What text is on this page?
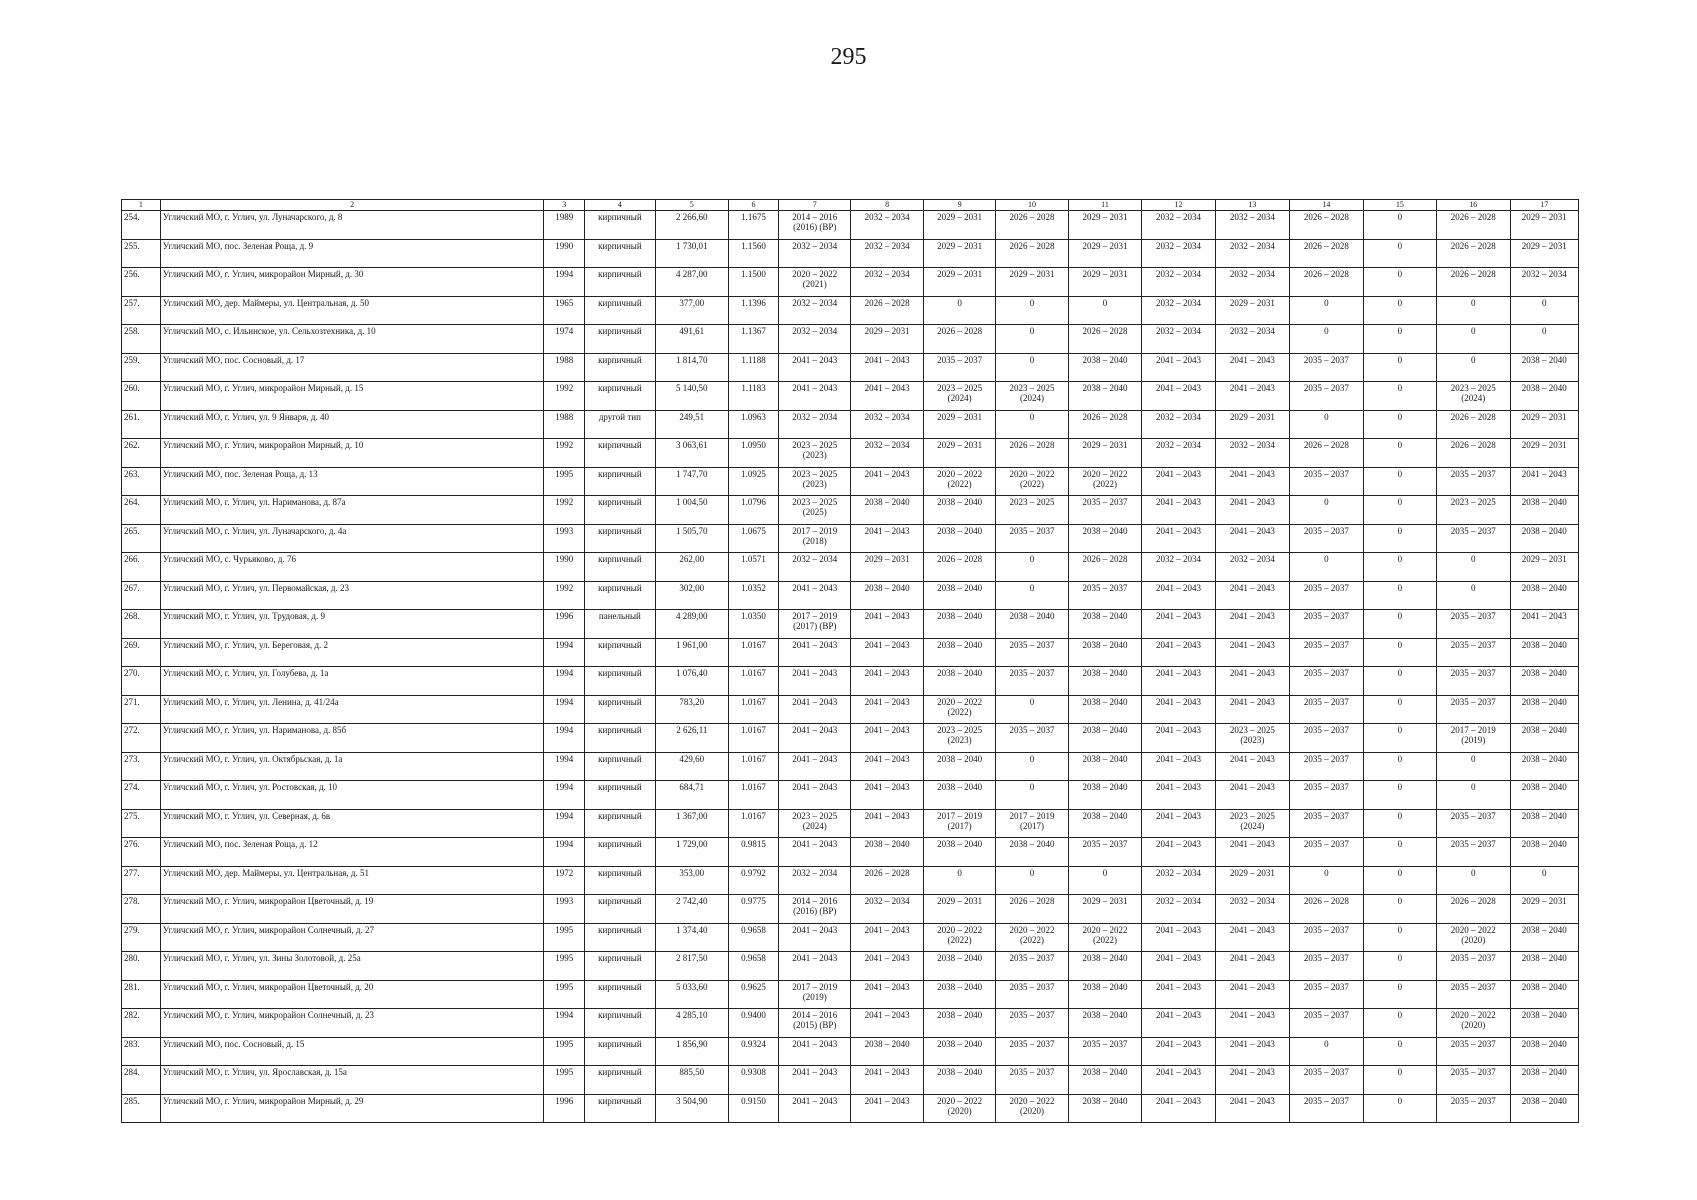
295
1	2	3	4	5	6	7	8	9	10	11	12	13	14	15	16	17

254.	Угличский МО, г. Углич, ул. Луначарского, д. 8	1989	кирпичный	2 266,60	1.1675	2014 – 2016
(2016) (ВР)	2032 – 2034	2029 – 2031	2026 – 2028	2029 – 2031	2032 – 2034	2032 – 2034	2026 – 2028	0	2026 – 2028	2029 – 2031

255.	Угличский МО, пос. Зеленая Роща, д. 9	1990	кирпичный	1 730,01	1.1560	2032 – 2034	2032 – 2034	2029 – 2031	2026 – 2028	2029 – 2031	2032 – 2034	2032 – 2034	2026 – 2028	0	2026 – 2028	2029 – 2031

256.	Угличский МО, г. Углич, микрорайон Мирный, д. 30	1994	кирпичный	4 287,00	1.1500	2020 – 2022
(2021)	2032 – 2034	2029 – 2031	2029 – 2031	2029 – 2031	2032 – 2034	2032 – 2034	2026 – 2028	0	2026 – 2028	2032 – 2034

257.	Угличский МО, дер. Маймеры, ул. Центральная, д. 50	1965	кирпичный	377,00	1.1396	2032 – 2034	2026 – 2028	0	0	0	2032 – 2034	2029 – 2031	0	0	0	0

258.	Угличский МО, с. Ильинское, ул. Сельхозтехника, д. 10	1974	кирпичный	491,61	1.1367	2032 – 2034	2029 – 2031	2026 – 2028	0	2026 – 2028	2032 – 2034	2032 – 2034	0	0	0	0

259.	Угличский МО, пос. Сосновый, д. 17	1988	кирпичный	1 814,70	1.1188	2041 – 2043	2041 – 2043	2035 – 2037	0	2038 – 2040	2041 – 2043	2041 – 2043	2035 – 2037	0	0	2038 – 2040

260.	Угличский МО, г. Углич, микрорайон Мирный, д. 15	1992	кирпичный	5 140,50	1.1183	2041 – 2043	2041 – 2043	2023 – 2025
(2024)	2023 – 2025
(2024)	2038 – 2040	2041 – 2043	2041 – 2043	2035 – 2037	0	2023 – 2025
(2024)	2038 – 2040

261.	Угличский МО, г. Углич, ул. 9 Января, д. 40	1988	другой тип	249,51	1.0963	2032 – 2034	2032 – 2034	2029 – 2031	0	2026 – 2028	2032 – 2034	2029 – 2031	0	0	2026 – 2028	2029 – 2031

262.	Угличский МО, г. Углич, микрорайон Мирный, д. 10	1992	кирпичный	3 063,61	1.0950	2023 – 2025
(2023)	2032 – 2034	2029 – 2031	2026 – 2028	2029 – 2031	2032 – 2034	2032 – 2034	2026 – 2028	0	2026 – 2028	2029 – 2031

263.	Угличский МО, пос. Зеленая Роща, д. 13	1995	кирпичный	1 747,70	1.0925	2023 – 2025
(2023)	2041 – 2043	2020 – 2022
(2022)	2020 – 2022
(2022)	2020 – 2022
(2022)	2041 – 2043	2041 – 2043	2035 – 2037	0	2035 – 2037	2041 – 2043

264.	Угличский МО, г. Углич, ул. Нариманова, д. 87а	1992	кирпичный	1 004,50	1.0796	2023 – 2025
(2025)	2038 – 2040	2038 – 2040	2023 – 2025	2035 – 2037	2041 – 2043	2041 – 2043	0	0	2023 – 2025	2038 – 2040

265.	Угличский МО, г. Углич, ул. Луначарского, д. 4а	1993	кирпичный	1 505,70	1.0675	2017 – 2019
(2018)	2041 – 2043	2038 – 2040	2035 – 2037	2038 – 2040	2041 – 2043	2041 – 2043	2035 – 2037	0	2035 – 2037	2038 – 2040

266.	Угличский МО, с. Чурьяково, д. 76	1990	кирпичный	262,00	1.0571	2032 – 2034	2029 – 2031	2026 – 2028	0	2026 – 2028	2032 – 2034	2032 – 2034	0	0	0	2029 – 2031

267.	Угличский МО, г. Углич, ул. Первомайская, д. 23	1992	кирпичный	302,00	1.0352	2041 – 2043	2038 – 2040	2038 – 2040	0	2035 – 2037	2041 – 2043	2041 – 2043	2035 – 2037	0	0	2038 – 2040

268.	Угличский МО, г. Углич, ул. Трудовая, д. 9	1996	панельный	4 289,00	1.0350	2017 – 2019
(2017) (ВР)	2041 – 2043	2038 – 2040	2038 – 2040	2038 – 2040	2041 – 2043	2041 – 2043	2035 – 2037	0	2035 – 2037	2041 – 2043

269.	Угличский МО, г. Углич, ул. Береговая, д. 2	1994	кирпичный	1 961,00	1.0167	2041 – 2043	2041 – 2043	2038 – 2040	2035 – 2037	2038 – 2040	2041 – 2043	2041 – 2043	2035 – 2037	0	2035 – 2037	2038 – 2040

270.	Угличский МО, г. Углич, ул. Голубева, д. 1а	1994	кирпичный	1 076,40	1.0167	2041 – 2043	2041 – 2043	2038 – 2040	2035 – 2037	2038 – 2040	2041 – 2043	2041 – 2043	2035 – 2037	0	2035 – 2037	2038 – 2040

271.	Угличский МО, г. Углич, ул. Ленина, д. 41/24а	1994	кирпичный	783,20	1.0167	2041 – 2043	2041 – 2043	2020 – 2022
(2022)	0	2038 – 2040	2041 – 2043	2041 – 2043	2035 – 2037	0	2035 – 2037	2038 – 2040

272.	Угличский МО, г. Углич, ул. Нариманова, д. 85б	1994	кирпичный	2 626,11	1.0167	2041 – 2043	2041 – 2043	2023 – 2025
(2023)	2035 – 2037	2038 – 2040	2041 – 2043	2023 – 2025
(2023)	2035 – 2037	0	2017 – 2019
(2019)	2038 – 2040

273.	Угличский МО, г. Углич, ул. Октябрьская, д. 1а	1994	кирпичный	429,60	1.0167	2041 – 2043	2041 – 2043	2038 – 2040	0	2038 – 2040	2041 – 2043	2041 – 2043	2035 – 2037	0	0	2038 – 2040

274.	Угличский МО, г. Углич, ул. Ростовская, д. 10	1994	кирпичный	684,71	1.0167	2041 – 2043	2041 – 2043	2038 – 2040	0	2038 – 2040	2041 – 2043	2041 – 2043	2035 – 2037	0	0	2038 – 2040

275.	Угличский МО, г. Углич, ул. Северная, д. 6в	1994	кирпичный	1 367,00	1.0167	2023 – 2025
(2024)	2041 – 2043	2017 – 2019
(2017)	2017 – 2019
(2017)	2038 – 2040	2041 – 2043	2023 – 2025
(2024)	2035 – 2037	0	2035 – 2037	2038 – 2040

276.	Угличский МО, пос. Зеленая Роща, д. 12	1994	кирпичный	1 729,00	0.9815	2041 – 2043	2038 – 2040	2038 – 2040	2038 – 2040	2035 – 2037	2041 – 2043	2041 – 2043	2035 – 2037	0	2035 – 2037	2038 – 2040

277.	Угличский МО, дер. Маймеры, ул. Центральная, д. 51	1972	кирпичный	353,00	0.9792	2032 – 2034	2026 – 2028	0	0	0	2032 – 2034	2029 – 2031	0	0	0	0

278.	Угличский МО, г. Углич, микрорайон Цветочный, д. 19	1993	кирпичный	2 742,40	0.9775	2014 – 2016
(2016) (ВР)	2032 – 2034	2029 – 2031	2026 – 2028	2029 – 2031	2032 – 2034	2032 – 2034	2026 – 2028	0	2026 – 2028	2029 – 2031

279.	Угличский МО, г. Углич, микрорайон Солнечный, д. 27	1995	кирпичный	1 374,40	0.9658	2041 – 2043	2041 – 2043	2020 – 2022
(2022)	2020 – 2022
(2022)	2020 – 2022
(2022)	2041 – 2043	2041 – 2043	2035 – 2037	0	2020 – 2022
(2020)	2038 – 2040

280.	Угличский МО, г. Углич, ул. Зины Золотовой, д. 25а	1995	кирпичный	2 817,50	0.9658	2041 – 2043	2041 – 2043	2038 – 2040	2035 – 2037	2038 – 2040	2041 – 2043	2041 – 2043	2035 – 2037	0	2035 – 2037	2038 – 2040

281.	Угличский МО, г. Углич, микрорайон Цветочный, д. 20	1995	кирпичный	5 033,60	0.9625	2017 – 2019
(2019)	2041 – 2043	2038 – 2040	2035 – 2037	2038 – 2040	2041 – 2043	2041 – 2043	2035 – 2037	0	2035 – 2037	2038 – 2040

282.	Угличский МО, г. Углич, микрорайон Солнечный, д. 23	1994	кирпичный	4 285,10	0.9400	2014 – 2016
(2015) (ВР)	2041 – 2043	2038 – 2040	2035 – 2037	2038 – 2040	2041 – 2043	2041 – 2043	2035 – 2037	0	2020 – 2022
(2020)	2038 – 2040

283.	Угличский МО, пос. Сосновый, д. 15	1995	кирпичный	1 856,90	0.9324	2041 – 2043	2038 – 2040	2038 – 2040	2035 – 2037	2035 – 2037	2041 – 2043	2041 – 2043	0	0	2035 – 2037	2038 – 2040

284.	Угличский МО, г. Углич, ул. Ярославская, д. 15а	1995	кирпичный	885,50	0.9308	2041 – 2043	2041 – 2043	2038 – 2040	2035 – 2037	2038 – 2040	2041 – 2043	2041 – 2043	2035 – 2037	0	2035 – 2037	2038 – 2040

285.	Угличский МО, г. Углич, микрорайон Мирный, д. 29	1996	кирпичный	3 504,90	0.9150	2041 – 2043	2041 – 2043	2020 – 2022
(2020)	2020 – 2022
(2020)	2038 – 2040	2041 – 2043	2041 – 2043	2035 – 2037	0	2035 – 2037	2038 – 2040
